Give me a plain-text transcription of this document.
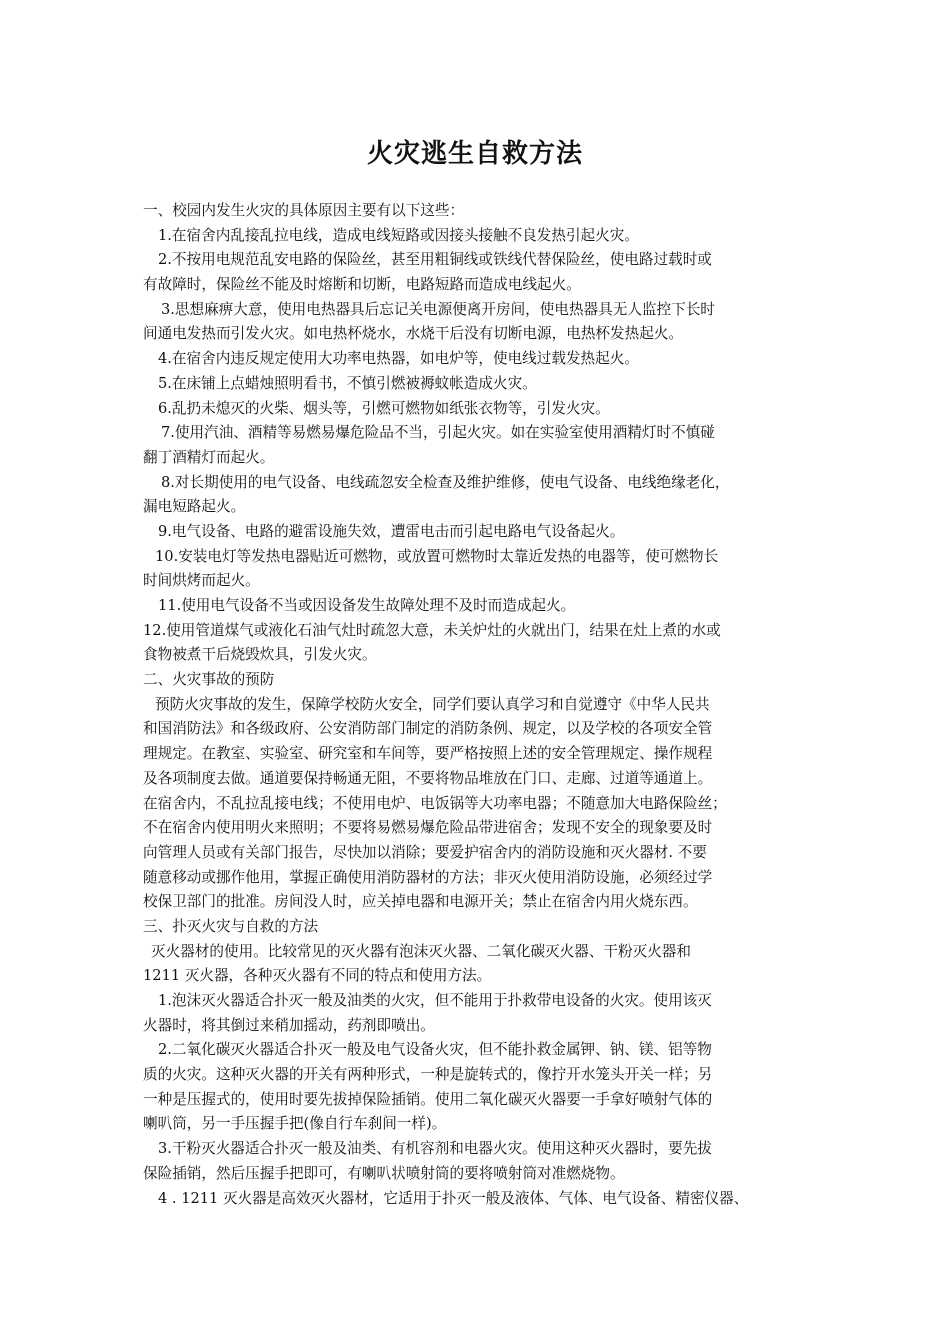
火灾逃生自救方法
一、校园内发生火灾的具体原因主要有以下这些：
1.在宿舍内乱接乱拉电线，造成电线短路或因接头接触不良发热引起火灾。
2.不按用电规范乱安电路的保险丝，甚至用粗铜线或铁线代替保险丝，使电路过载时或
有故障时，保险丝不能及时熔断和切断，电路短路而造成电线起火。
3.思想麻痹大意，使用电热器具后忘记关电源便离开房间，使电热器具无人监控下长时
间通电发热而引发火灾。如电热杯烧水，水烧干后没有切断电源，电热杯发热起火。
4.在宿舍内违反规定使用大功率电热器，如电炉等，使电线过载发热起火。
5.在床铺上点蜡烛照明看书，不慎引燃被褥蚊帐造成火灾。
6.乱扔未熄灭的火柴、烟头等，引燃可燃物如纸张衣物等，引发火灾。
7.使用汽油、酒精等易燃易爆危险品不当，引起火灾。如在实验室使用酒精灯时不慎碰
翻丁酒精灯而起火。
8.对长期使用的电气设备、电线疏忽安全检查及维护维修，使电气设备、电线绝缘老化，
漏电短路起火。
9.电气设备、电路的避雷设施失效，遭雷电击而引起电路电气设备起火。
10.安装电灯等发热电器贴近可燃物，或放置可燃物时太靠近发热的电器等，使可燃物长
时间烘烤而起火。
11.使用电气设备不当或因设备发生故障处理不及时而造成起火。
12.使用管道煤气或液化石油气灶时疏忽大意，未关炉灶的火就出门，结果在灶上煮的水或
食物被煮干后烧毁炊具，引发火灾。
二、火灾事故的预防
预防火灾事故的发生，保障学校防火安全，同学们要认真学习和自觉遵守《中华人民共
和国消防法》和各级政府、公安消防部门制定的消防条例、规定，以及学校的各项安全管
理规定。在教室、实验室、研究室和车间等，要严格按照上述的安全管理规定、操作规程
及各项制度去做。通道要保持畅通无阻，不要将物品堆放在门口、走廊、过道等通道上。
在宿舍内，不乱拉乱接电线；不使用电炉、电饭锅等大功率电器；不随意加大电路保险丝；
不在宿舍内使用明火来照明；不要将易燃易爆危险品带进宿舍；发现不安全的现象要及时
向管理人员或有关部门报告，尽快加以消除；要爱护宿舍内的消防设施和灭火器材. 不要
随意移动或挪作他用，掌握正确使用消防器材的方法；非灭火使用消防设施，必须经过学
校保卫部门的批准。房间没人时，应关掉电器和电源开关；禁止在宿舍内用火烧东西。
三、扑灭火灾与自救的方法
灭火器材的使用。比较常见的灭火器有泡沫灭火器、二氧化碳灭火器、干粉灭火器和
1211 灭火器，各种灭火器有不同的特点和使用方法。
1.泡沫灭火器适合扑灭一般及油类的火灾，但不能用于扑救带电设备的火灾。使用该灭
火器时，将其倒过来稍加摇动，药剂即喷出。
2.二氧化碳灭火器适合扑灭一般及电气设备火灾，但不能扑救金属钾、钠、镁、铝等物
质的火灾。这种灭火器的开关有两种形式，一种是旋转式的，像拧开水笼头开关一样；另
一种是压握式的，使用时要先拔掉保险插销。使用二氧化碳灭火器要一手拿好喷射气体的
喇叭筒，另一手压握手把(像自行车刹间一样)。
3.干粉灭火器适合扑灭一般及油类、有机容剂和电器火灾。使用这种灭火器时，要先拔
保险插销，然后压握手把即可，有喇叭状喷射筒的要将喷射筒对准燃烧物。
4 . 1211 灭火器是高效灭火器材，它适用于扑灭一般及液体、气体、电气设备、精密仪器、
